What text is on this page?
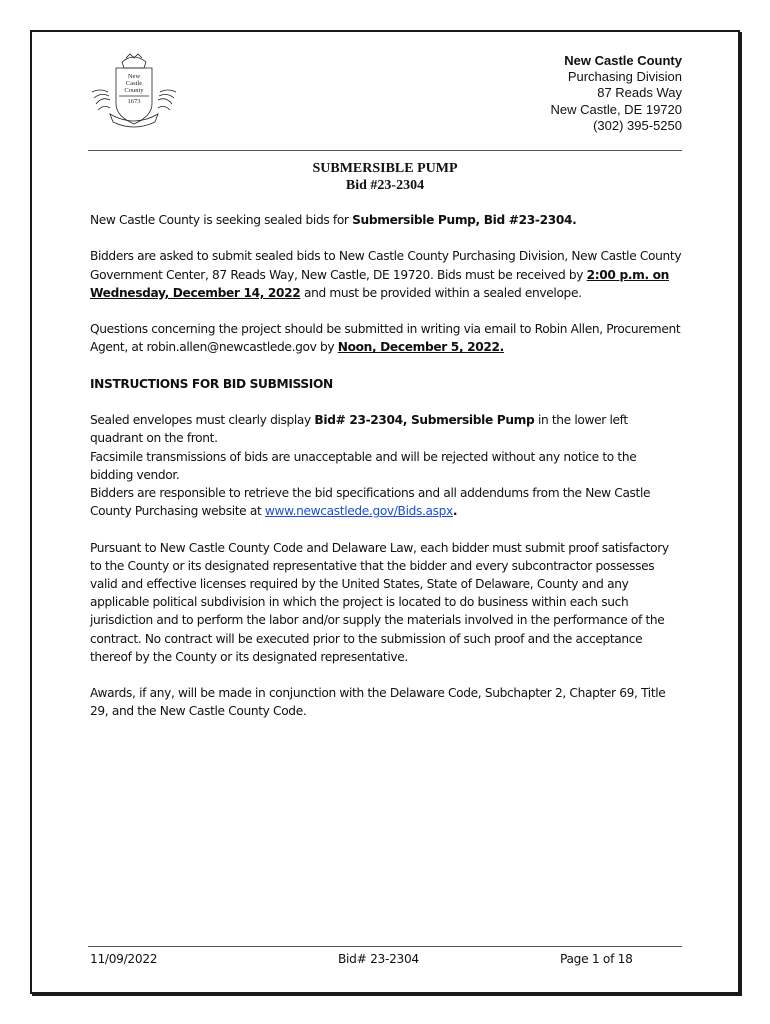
New
Castle
County
1673
New Castle County
Purchasing Division
87 Reads Way
New Castle, DE 19720
(302) 395-5250
SUBMERSIBLE PUMP
Bid #23-2304

New Castle County is seeking sealed bids for Submersible Pump, Bid #23-2304.

Bidders are asked to submit sealed bids to New Castle County Purchasing Division, New Castle County Government Center, 87 Reads Way, New Castle, DE 19720. Bids must be received by 2:00 p.m. on Wednesday, December 14, 2022 and must be provided within a sealed envelope.

Questions concerning the project should be submitted in writing via email to Robin Allen, Procurement Agent, at robin.allen@newcastlede.gov by Noon, December 5, 2022.

INSTRUCTIONS FOR BID SUBMISSION

Sealed envelopes must clearly display Bid# 23-2304, Submersible Pump in the lower left quadrant on the front.

Facsimile transmissions of bids are unacceptable and will be rejected without any notice to the bidding vendor.

Bidders are responsible to retrieve the bid specifications and all addendums from the New Castle County Purchasing website at www.newcastlede.gov/Bids.aspx.

Pursuant to New Castle County Code and Delaware Law, each bidder must submit proof satisfactory to the County or its designated representative that the bidder and every subcontractor possesses valid and effective licenses required by the United States, State of Delaware, County and any applicable political subdivision in which the project is located to do business within each such jurisdiction and to perform the labor and/or supply the materials involved in the performance of the contract. No contract will be executed prior to the submission of such proof and the acceptance thereof by the County or its designated representative.

Awards, if any, will be made in conjunction with the Delaware Code, Subchapter 2, Chapter 69, Title 29, and the New Castle County Code.

11/09/2022	Bid# 23-2304	Page 1 of 18
